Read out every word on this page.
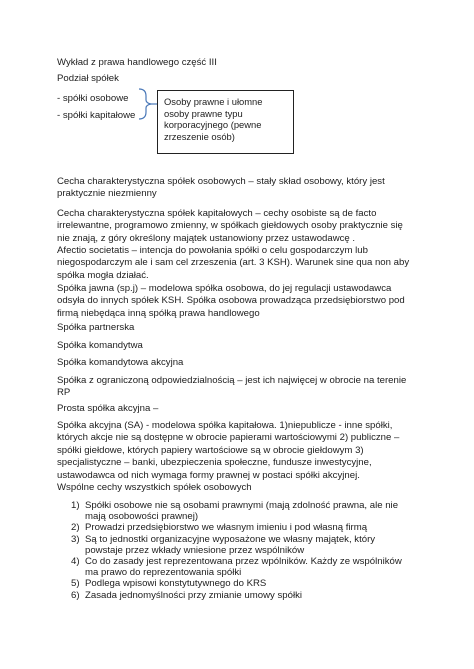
Wykład z prawa handlowego część III
Podział spółek
- spółki osobowe
- spółki kapitałowe
Osoby prawne i ułomne
osoby prawne typu
korporacyjnego (pewne
zrzeszenie osób)
Cecha charakterystyczna spółek osobowych – stały skład osobowy, który jest
praktycznie niezmienny
Cecha charakterystyczna spółek kapitałowych – cechy osobiste są de facto
irrelewantne, programowo zmienny, w spółkach giełdowych osoby praktycznie się
nie znają, z góry określony majątek ustanowiony przez ustawodawcę .
Afectio societatis – intencja do powołania spółki o celu gospodarczym lub
niegospodarczym ale i sam cel zrzeszenia (art. 3 KSH). Warunek sine qua non aby
spółka mogła działać.
Spółka jawna (sp.j) – modelowa spółka osobowa, do jej regulacji ustawodawca
odsyła do innych spółek KSH. Spółka osobowa prowadząca przedsiębiorstwo pod
firmą niebędąca inną spółką prawa handlowego
Spółka partnerska
Spółka komandytwa
Spółka komandytowa akcyjna
Spółka z ograniczoną odpowiedzialnością – jest ich najwięcej w obrocie na terenie
RP
Prosta spółka akcyjna –
Spółka akcyjna (SA) - modelowa spółka kapitałowa. 1)niepublicze - inne spółki,
których akcje nie są dostępne w obrocie papierami wartościowymi 2) publiczne –
spółki giełdowe, których papiery wartościowe są w obrocie giełdowym 3)
specjalistyczne – banki, ubezpieczenia społeczne, fundusze inwestycyjne,
ustawodawca od nich wymaga formy prawnej w postaci spółki akcyjnej.
Wspólne cechy wszystkich spółek osobowych
1) Spółki osobowe nie są osobami prawnymi (mają zdolność prawna, ale nie
mają osobowości prawnej)
2) Prowadzi przedsiębiorstwo we własnym imieniu i pod własną firmą
3) Są to jednostki organizacyjne wyposażone we własny majątek, który
powstaje przez wkłady wniesione przez wspólników
4) Co do zasady jest reprezentowana przez wpólników. Każdy ze wspólników
ma prawo do reprezentowania spółki
5) Podlega wpisowi konstytutywnego do KRS
6) Zasada jednomyślności przy zmianie umowy spółki
